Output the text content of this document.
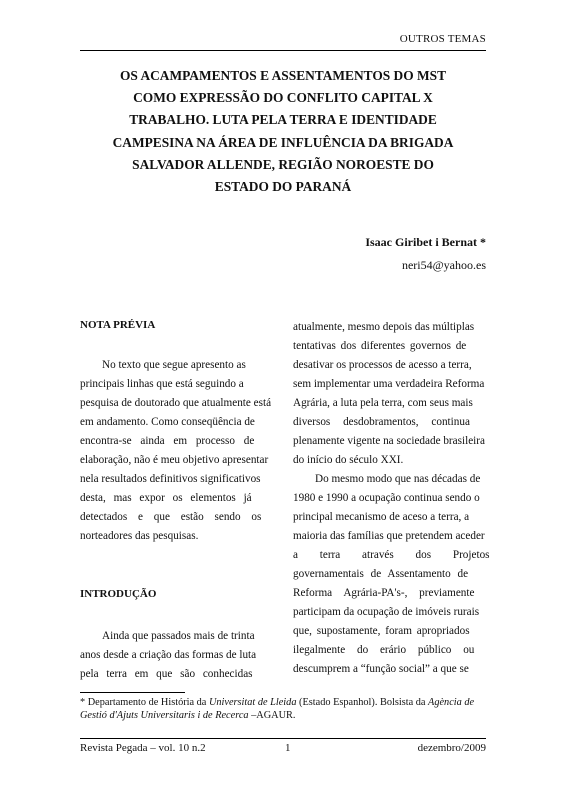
OUTROS TEMAS
OS ACAMPAMENTOS E ASSENTAMENTOS DO MST
COMO EXPRESSÃO DO CONFLITO CAPITAL X
TRABALHO. LUTA PELA TERRA E IDENTIDADE
CAMPESINA NA ÁREA DE INFLUÊNCIA DA BRIGADA
SALVADOR ALLENDE, REGIÃO NOROESTE DO
ESTADO DO PARANÁ
Isaac Giribet i Bernat *
neri54@yahoo.es
NOTA PRÉVIA
No texto que segue apresento as
principais linhas que está seguindo a
pesquisa de doutorado que atualmente está
em andamento. Como conseqüência de
encontra-se ainda em processo de
elaboração, não é meu objetivo apresentar
nela resultados definitivos significativos
desta, mas expor os elementos já
detectados e que estão sendo os
norteadores das pesquisas.
INTRODUÇÃO
Ainda que passados mais de trinta
anos desde a criação das formas de luta
pela terra em que são conhecidas
atualmente, mesmo depois das múltiplas
tentativas dos diferentes governos de
desativar os processos de acesso a terra,
sem implementar uma verdadeira Reforma
Agrária, a luta pela terra, com seus mais
diversos desdobramentos, continua
plenamente vigente na sociedade brasileira
do início do século XXI.
Do mesmo modo que nas décadas de
1980 e 1990 a ocupação continua sendo o
principal mecanismo de aceso a terra, a
maioria das famílias que pretendem aceder
a terra através dos Projetos
governamentais de Assentamento de
Reforma Agrária-PA's-, previamente
participam da ocupação de imóveis rurais
que, supostamente, foram apropriados
ilegalmente do erário público ou
descumprem a “função social” a que se
* Departamento de História da Universitat de Lleida (Estado Espanhol). Bolsista da Agència de
Gestió d'Ajuts Universitaris i de Recerca –AGAUR.
Revista Pegada – vol. 10 n.2	1	dezembro/2009
